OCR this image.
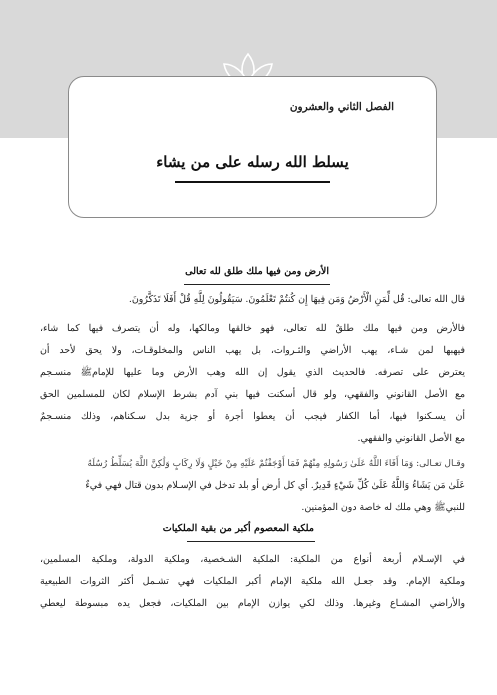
الفصل الثاني والعشرون
يسلط الله رسله على من يشاء
الأرض ومن فيها ملك طلق لله تعالى
قال الله تعالى: قُل لِّمَنِ الْأَرْضُ وَمَن فِيهَا إِن كُنتُمْ تَعْلَمُونَ. سَيَقُولُونَ لِلَّهِ قُلْ أَفَلَا تَذَكَّرُونَ.
فالأرض ومن فيها ملك طلقٌ لله تعالى، فهو خالقها ومالكها، وله أن يتصرف فيها كما شاء،
فيهبها لمن شـاء، يهب الأراضي والثـروات، بل يهب الناس والمخلوقـات، ولا يحق لأحد أن
يعترض على تصرفه. فالحديث الذي يقول إن الله وهب الأرض وما عليها للإمامﷺ منسـجم
مع الأصل القانوني والفقهي، ولو قال أسكنت فيها بني آدم بشرط الإسلام لكان للمسلمين الحق
أن يسـكنوا فيها، أما الكفار فيجب أن يعطوا أجرة أو جزية بدل سـكناهم، وذلك منسـجمٌ
مع الأصل القانوني والفقهي.
وقـال تعـالى: وَمَا أَفَاءَ اللَّهُ عَلَىٰ رَسُولِهِ مِنْهُمْ فَمَا أَوْجَفْتُمْ عَلَيْهِ مِنْ خَيْلٍ وَلَا رِكَابٍ وَلَٰكِنَّ اللَّهَ يُسَلِّطُ رُسُلَهُ
عَلَىٰ مَن يَشَاءُ وَاللَّهُ عَلَىٰ كُلِّ شَيْءٍ قَدِيرٌ. أي كل أرض أو بلد تدخل في الإسـلام بدون قتال فهي فيءٌ
للنبيﷺ وهي ملك له خاصة دون المؤمنين.
ملكية المعصوم أكبر من بقية الملكيات
في الإسـلام أربعة أنواع من الملكية: الملكية الشـخصية، وملكية الدولة، وملكية المسلمين،
وملكية الإمام. وقد جعـل الله ملكية الإمام أكبر الملكيات فهي تشـمل أكثر الثروات الطبيعية
والأراضي المشـاع وغيرها. وذلك لكي يوازن الإمام بين الملكيات، فجعل يده مبسوطة ليعطي
